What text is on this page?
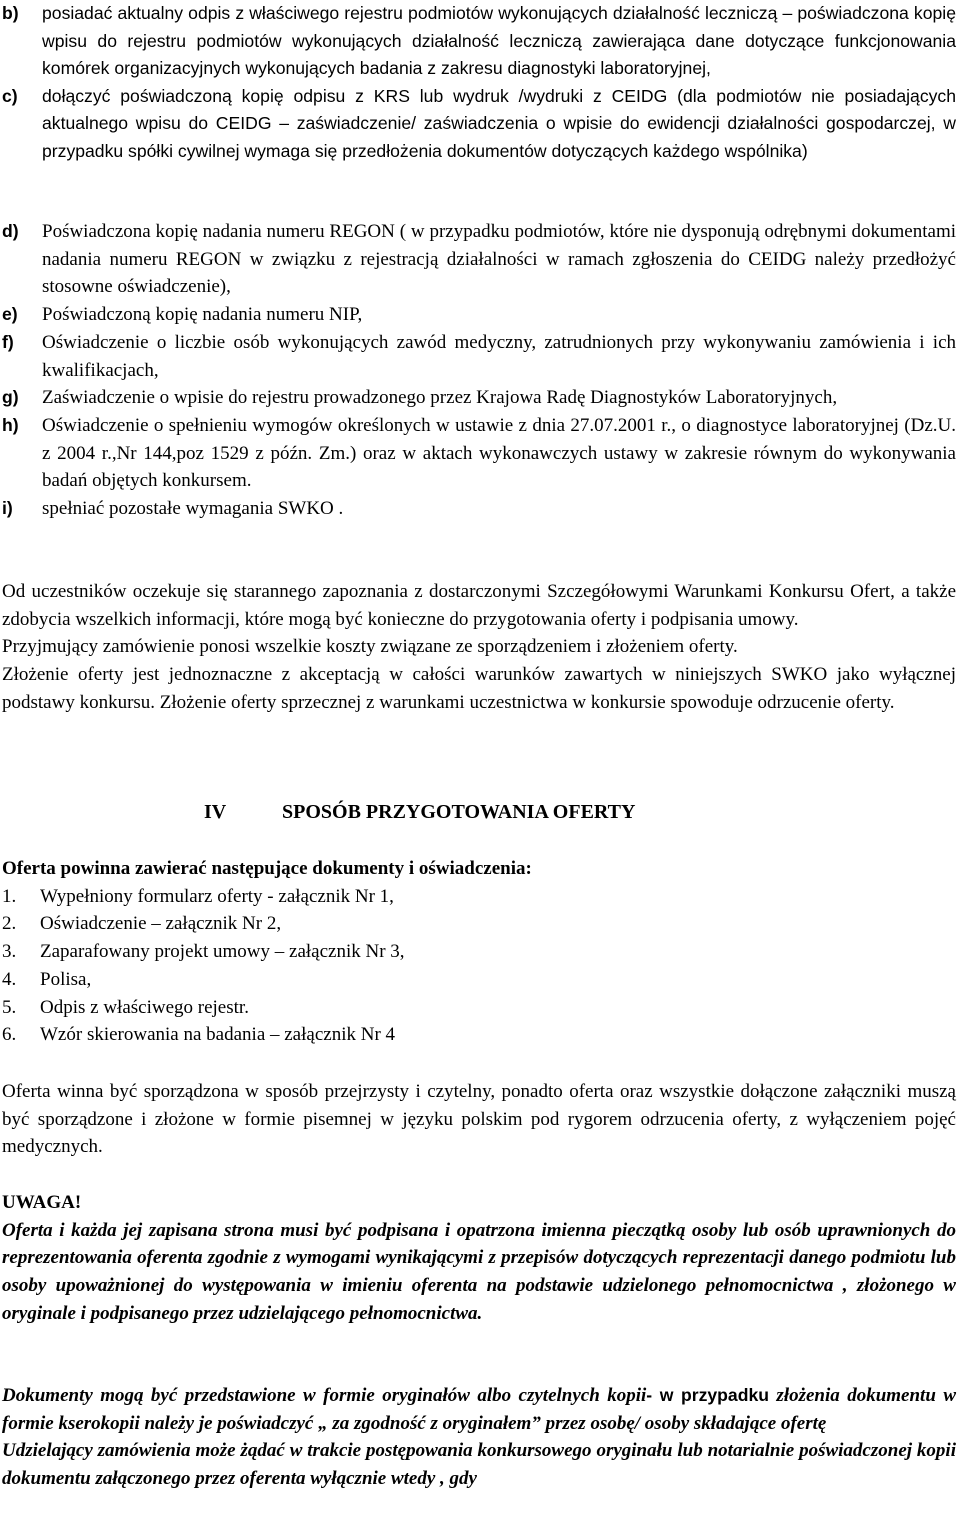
b)	posiadać aktualny odpis z właściwego rejestru podmiotów wykonujących działalność leczniczą – poświadczona kopię wpisu do rejestru podmiotów wykonujących działalność leczniczą zawierająca dane dotyczące funkcjonowania komórek organizacyjnych wykonujących badania z zakresu diagnostyki laboratoryjnej,
c)	dołączyć poświadczoną kopię odpisu z KRS lub wydruk /wydruki z CEIDG (dla podmiotów nie posiadających aktualnego wpisu do CEIDG – zaświadczenie/ zaświadczenia o wpisie do ewidencji działalności gospodarczej, w przypadku spółki cywilnej wymaga się przedłożenia dokumentów dotyczących każdego wspólnika)
d)	Poświadczona kopię nadania numeru REGON ( w przypadku podmiotów, które nie dysponują odrębnymi dokumentami nadania numeru REGON w związku z rejestracją działalności w ramach zgłoszenia do CEIDG należy przedłożyć stosowne oświadczenie),
e)	Poświadczoną kopię nadania numeru NIP,
f)	Oświadczenie o liczbie osób wykonujących zawód medyczny, zatrudnionych przy wykonywaniu zamówienia i ich kwalifikacjach,
g)	Zaświadczenie o wpisie do rejestru prowadzonego przez Krajowa Radę Diagnostyków Laboratoryjnych,
h)	Oświadczenie o spełnieniu wymogów określonych w ustawie z dnia 27.07.2001 r., o diagnostyce laboratoryjnej (Dz.U. z 2004 r.,Nr 144,poz 1529 z późn. Zm.) oraz w aktach wykonawczych ustawy w zakresie równym do wykonywania badań objętych konkursem.
i)	spełniać pozostałe wymagania SWKO .

Od uczestników oczekuje się starannego zapoznania z dostarczonymi Szczegółowymi Warunkami Konkursu Ofert, a także zdobycia wszelkich informacji, które mogą być konieczne do przygotowania oferty i podpisania umowy.

Przyjmujący zamówienie ponosi wszelkie koszty związane ze sporządzeniem i złożeniem oferty.

Złożenie oferty jest jednoznaczne z akceptacją w całości warunków zawartych w niniejszych SWKO jako wyłącznej podstawy konkursu. Złożenie oferty sprzecznej z warunkami uczestnictwa w konkursie spowoduje odrzucenie oferty.

IV	SPOSÓB PRZYGOTOWANIA OFERTY
Oferta powinna zawierać następujące dokumenty i oświadczenia:
1.	Wypełniony formularz oferty - załącznik Nr 1,
2.	Oświadczenie – załącznik Nr 2,
3.	Zaparafowany projekt umowy – załącznik Nr 3,
4.	Polisa,
5.	Odpis z właściwego rejestr.
6.	Wzór skierowania na badania – załącznik Nr 4

Oferta winna być sporządzona w sposób przejrzysty i czytelny, ponadto oferta oraz wszystkie dołączone załączniki muszą być sporządzone i złożone w formie pisemnej w języku polskim pod rygorem odrzucenia oferty, z wyłączeniem pojęć medycznych.

UWAGA!

Oferta i każda jej zapisana strona musi być podpisana i opatrzona imienna pieczątką osoby lub osób uprawnionych do reprezentowania oferenta zgodnie z wymogami wynikającymi z przepisów dotyczących reprezentacji danego podmiotu lub osoby upoważnionej do występowania w imieniu oferenta na podstawie udzielonego pełnomocnictwa , złożonego w oryginale i podpisanego przez udzielającego pełnomocnictwa.

Dokumenty mogą być przedstawione w formie oryginałów albo czytelnych kopii- w przypadku złożenia dokumentu w formie kserokopii należy je poświadczyć „ za zgodność z oryginałem” przez osobę/ osoby składające ofertę

Udzielający zamówienia może żądać w trakcie postępowania konkursowego oryginału lub notarialnie poświadczonej kopii dokumentu załączonego przez oferenta wyłącznie wtedy , gdy
